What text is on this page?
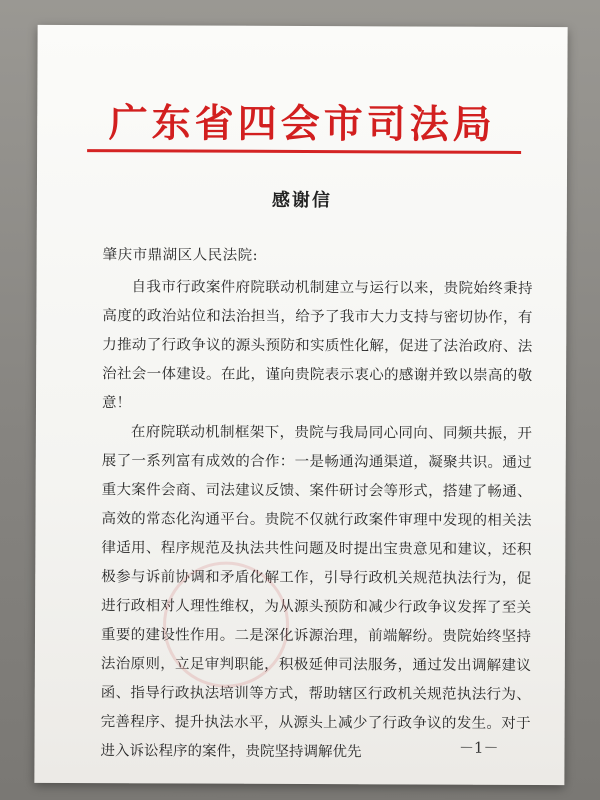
广东省四会市司法局
感谢信
肇庆市鼎湖区人民法院:

自我市行政案件府院联动机制建立与运行以来，贵院始终秉持高度的政治站位和法治担当，给予了我市大力支持与密切协作，有力推动了行政争议的源头预防和实质性化解，促进了法治政府、法治社会一体建设。在此，谨向贵院表示衷心的感谢并致以崇高的敬意！

在府院联动机制框架下，贵院与我局同心同向、同频共振，开展了一系列富有成效的合作：一是畅通沟通渠道，凝聚共识。通过重大案件会商、司法建议反馈、案件研讨会等形式，搭建了畅通、高效的常态化沟通平台。贵院不仅就行政案件审理中发现的相关法律适用、程序规范及执法共性问题及时提出宝贵意见和建议，还积极参与诉前协调和矛盾化解工作，引导行政机关规范执法行为，促进行政相对人理性维权，为从源头预防和减少行政争议发挥了至关重要的建设性作用。二是深化诉源治理，前端解纷。贵院始终坚持法治原则，立足审判职能，积极延伸司法服务，通过发出调解建议函、指导行政执法培训等方式，帮助辖区行政机关规范执法行为、完善程序、提升执法水平，从源头上减少了行政争议的发生。对于进入诉讼程序的案件，贵院坚持调解优先	－1－
